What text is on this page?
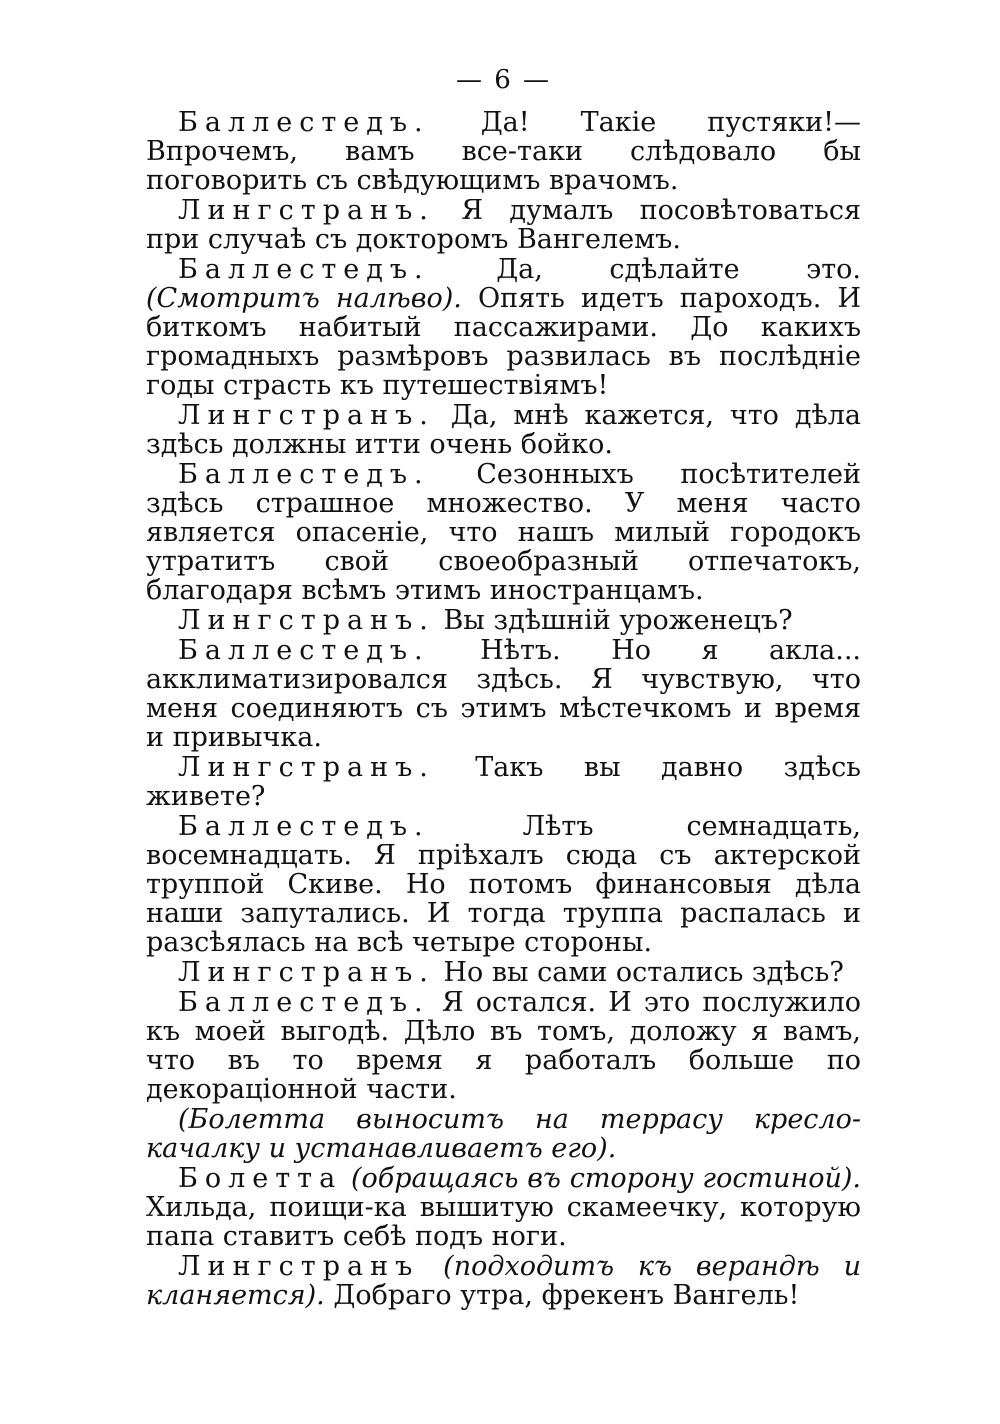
— 6 —
Баллестедъ. Да! Такіе пустяки!—Впрочемъ, вамъ все-таки слѣдовало бы поговорить съ свѣдующимъ врачомъ.
Лингстранъ. Я думалъ посовѣтоваться при случаѣ съ докторомъ Вангелемъ.
Баллестедъ. Да, сдѣлайте это. (Смотритъ налѣво). Опять идетъ пароходъ. И биткомъ набитый пассажирами. До какихъ громадныхъ размѣровъ развилась въ послѣдніе годы страсть къ путешествіямъ!
Лингстранъ. Да, мнѣ кажется, что дѣла здѣсь должны итти очень бойко.
Баллестедъ. Сезонныхъ посѣтителей здѣсь страшное множество. У меня часто является опасеніе, что нашъ милый городокъ утратитъ свой своеобразный отпечатокъ, благодаря всѣмъ этимъ иностранцамъ.
Лингстранъ. Вы здѣшній уроженецъ?
Баллестедъ. Нѣтъ. Но я акла... акклиматизировался здѣсь. Я чувствую, что меня соединяютъ съ этимъ мѣстечкомъ и время и привычка.
Лингстранъ. Такъ вы давно здѣсь живете?
Баллестедъ.	Лѣтъ семнадцать, восемнадцать. Я пріѣхалъ сюда съ актерской труппой Скиве. Но потомъ финансовыя дѣла наши запутались. И тогда труппа распалась и разсѣялась на всѣ четыре стороны.
Лингстранъ. Но вы сами остались здѣсь?
Баллестедъ. Я остался. И это послужило къ моей выгодѣ. Дѣло въ томъ, доложу я вамъ, что въ то время я работалъ больше по декораціонной части.
(Болетта выноситъ на террасу кресло-качалку и устанавливаетъ его).
Болетта (обращаясь въ сторону гостиной). Хильда, поищи-ка вышитую скамеечку, которую папа ставитъ себѣ подъ ноги.
Лингстранъ (подходитъ къ верандѣ и кланяется). Добраго утра, фрекенъ Вангель!
